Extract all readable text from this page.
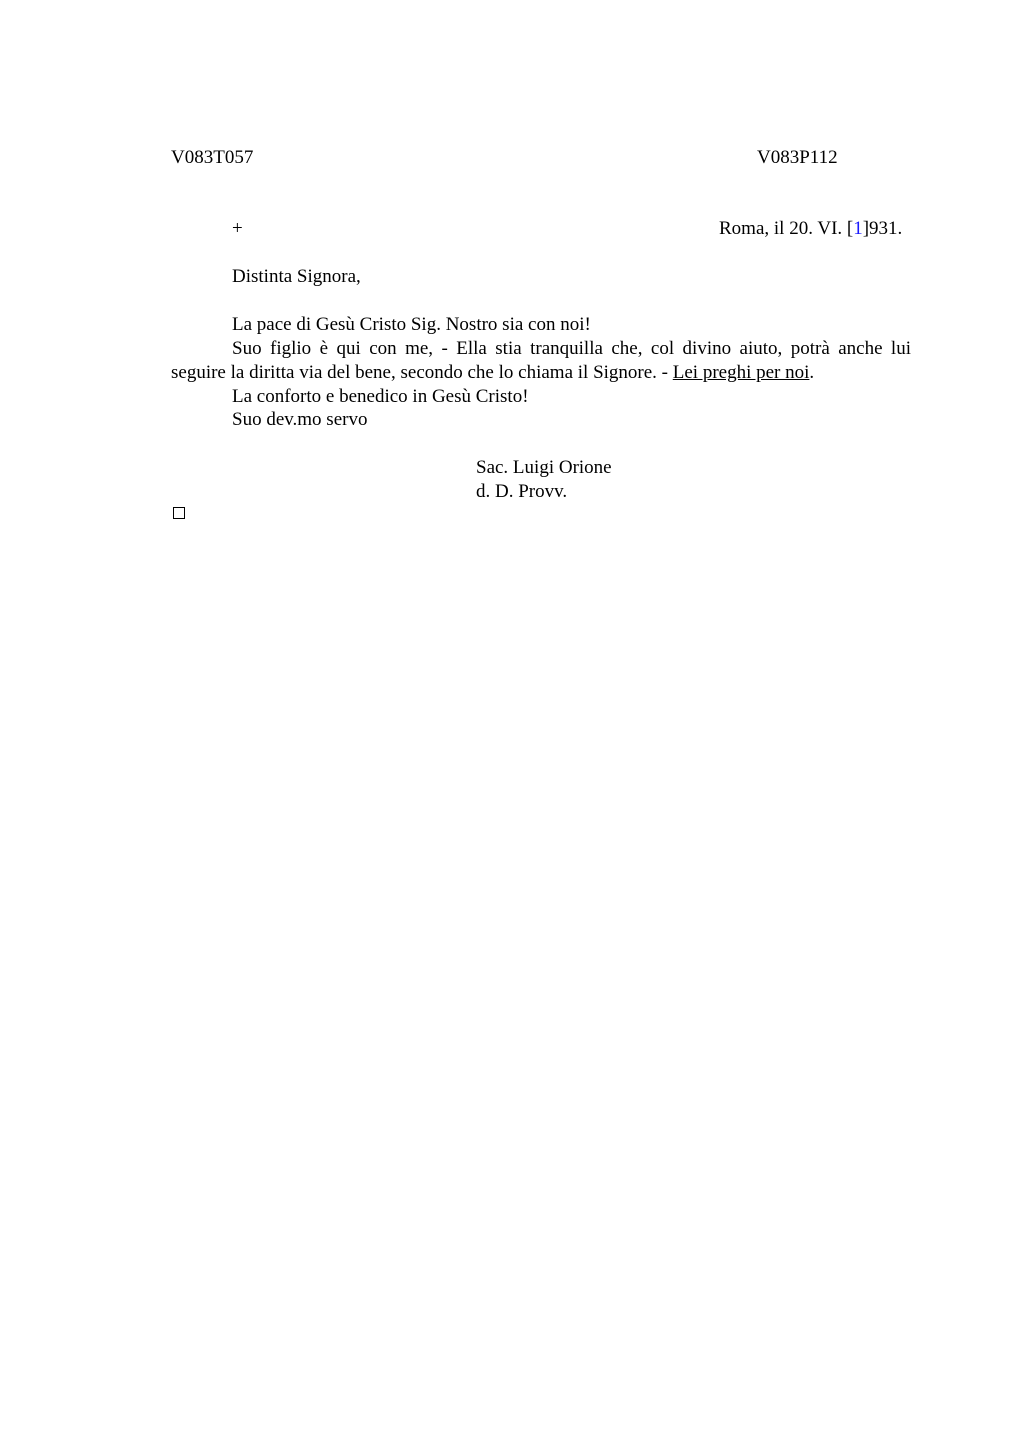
V083T057	V083P112
+	Roma, il 20. VI. [1]931.
Distinta Signora,
La pace di Gesù Cristo Sig. Nostro sia con noi!
Suo figlio è qui con me, - Ella stia tranquilla che, col divino aiuto, potrà anche lui seguire la diritta via del bene, secondo che lo chiama il Signore. - Lei preghi per noi.
La conforto e benedico in Gesù Cristo!
Suo dev.mo servo
Sac. Luigi Orione
d. D. Provv.
